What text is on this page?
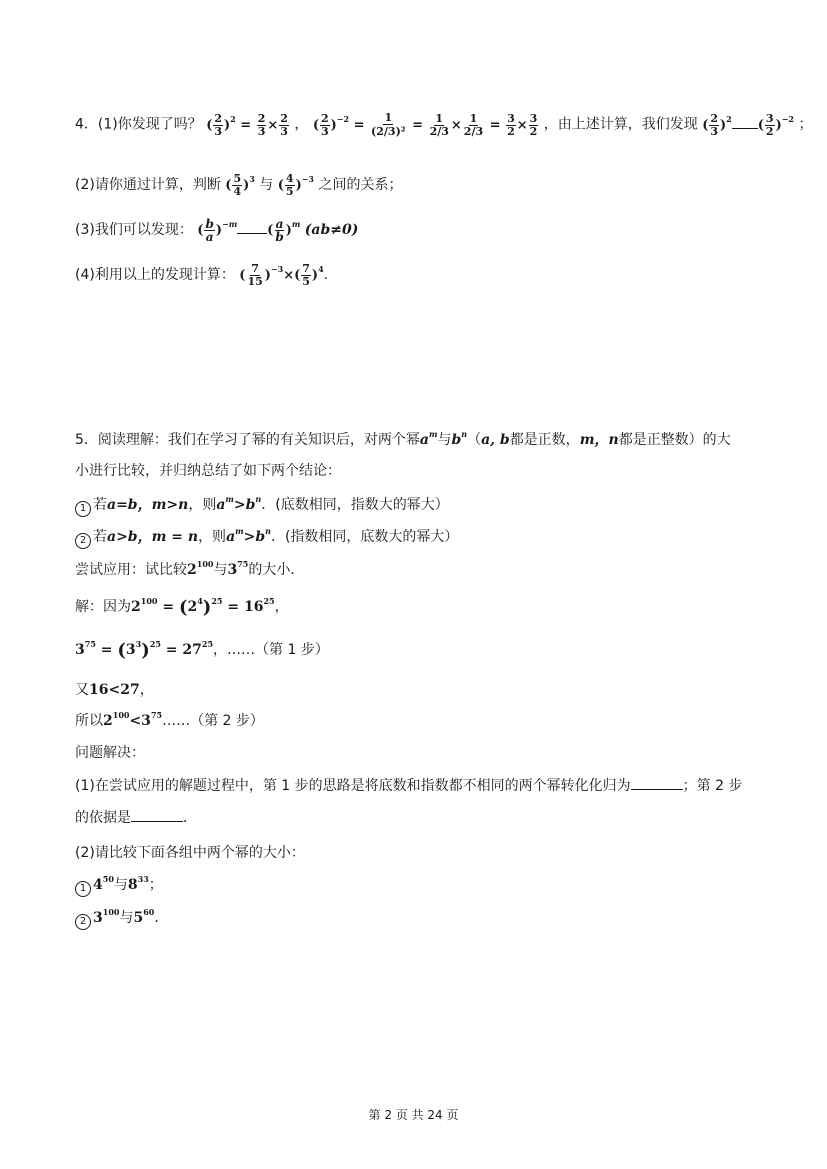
4．(1)你发现了吗？ ( $\frac{2}{3} )^2 = \frac{2}{3} \times \frac{2}{3}$ ， ( $\frac{2}{3} )^{-2} = \frac{1}{\text{(2/3)²}} = \frac{1}{2/3} \times \frac{1}{2/3} = \frac{3}{2} \times \frac{3}{2}$ ，由上述计算，我们发现 ( $\frac{2}{3} )^2$ ( $\frac{3}{2} )^{-2}$ ；
(2)请你通过计算，判断 ( $\frac{5}{4} )^3$ 与 ( $\frac{4}{5} )^{-3}$ 之间的关系；
(3)我们可以发现： ( $\frac{b}{a} )^{-m}$ ( $\frac{a}{b} )^m$ (ab≠0)
(4)利用以上的发现计算： ( $\frac{7}{15} )^{-3}\times( \frac{7}{5} )^4$.
5．阅读理解：我们在学习了幂的有关知识后，对两个幂$a^m$与$b^n(a$, b都是正数，m，n都是正整数）的大
小进行比较，并归纳总结了如下两个结论：
1 若a=b，m>n，则$a^m>b^n$．(底数相同，指数大的幂大）
2 若a>b，m = n，则$a^m>b^n$．(指数相同，底数大的幂大）
尝试应用：试比较$2^{100}$与$3^{75}$的大小．
解：因为$2^{100} = (2^4)^{25} = 16^{25}$，
$3^{75} = (3^3)^{25} = 27^{25}$，……（第 1 步）
又16<27，
所以$2^{100}<3^{75}\dots\dots$（第 2 步）
问题解决：
(1)在尝试应用的解题过程中，第 1 步的思路是将底数和指数都不相同的两个幂转化化归为	；第 2 步
的依据是	．
(2)请比较下面各组中两个幂的大小：
1 $4^{50}$与$8^{33}$；
2 $3^{100}$与$5^{60}$．
第 2 页 共 24 页
